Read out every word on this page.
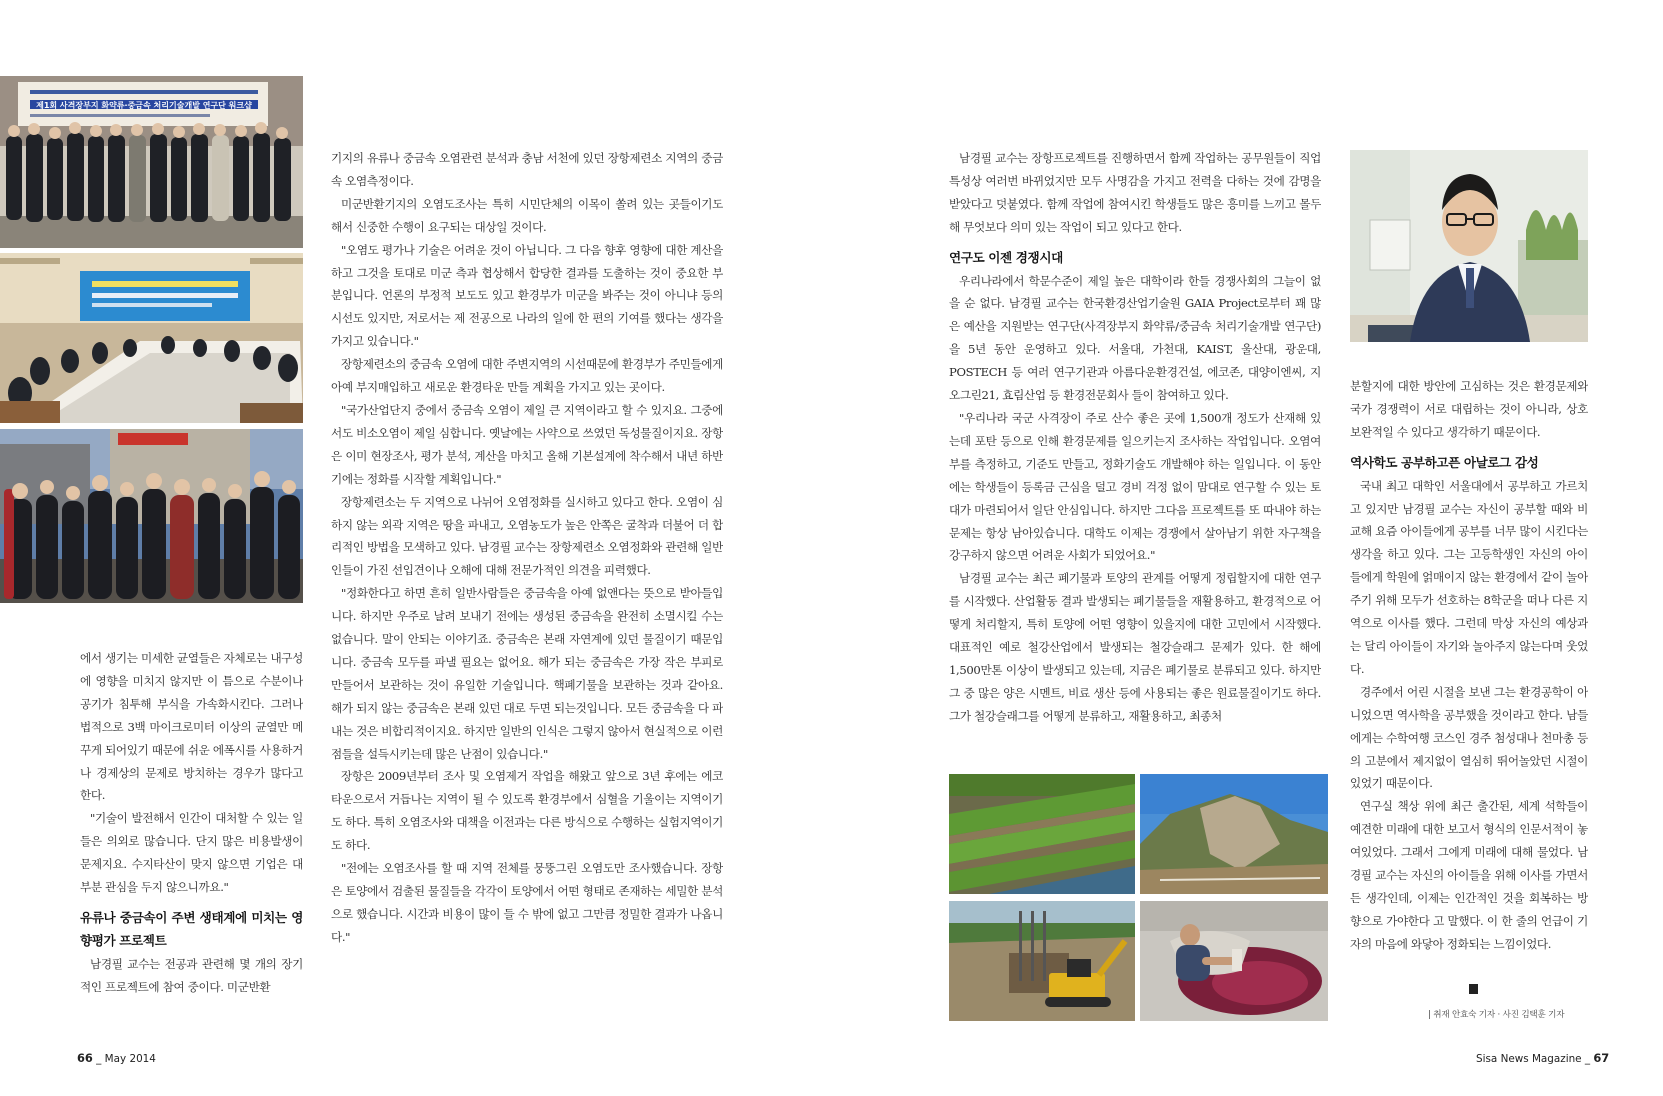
제1회 사격장부지 화약류·중금속 처리기술개발 연구단 워크샵

에서 생기는 미세한 균열들은 자체로는 내구성에 영향을 미치지 않지만 이 틈으로 수분이나 공기가 침투해 부식을 가속화시킨다. 그러나 법적으로 3백 마이크로미터 이상의 균열만 메꾸게 되어있기 때문에 쉬운 에폭시를 사용하거나 경제상의 문제로 방치하는 경우가 많다고 한다.

"기술이 발전해서 인간이 대처할 수 있는 일들은 의외로 많습니다. 단지 많은 비용발생이 문제지요. 수지타산이 맞지 않으면 기업은 대부분 관심을 두지 않으니까요."

유류나 중금속이 주변 생태계에 미치는 영향평가 프로젝트

남경필 교수는 전공과 관련해 몇 개의 장기적인 프로젝트에 참여 중이다. 미군반환

기지의 유류나 중금속 오염관련 분석과 충남 서천에 있던 장항제련소 지역의 중금속 오염측정이다.

미군반환기지의 오염도조사는 특히 시민단체의 이목이 쏠려 있는 곳들이기도 해서 신중한 수행이 요구되는 대상일 것이다.

"오염도 평가나 기술은 어려운 것이 아닙니다. 그 다음 향후 영향에 대한 계산을 하고 그것을 토대로 미군 측과 협상해서 합당한 결과를 도출하는 것이 중요한 부분입니다. 언론의 부정적 보도도 있고 환경부가 미군을 봐주는 것이 아니냐 등의 시선도 있지만, 저로서는 제 전공으로 나라의 일에 한 편의 기여를 했다는 생각을 가지고 있습니다."

장항제련소의 중금속 오염에 대한 주변지역의 시선때문에 환경부가 주민들에게 아예 부지매입하고 새로운 환경타운 만들 계획을 가지고 있는 곳이다.

"국가산업단지 중에서 중금속 오염이 제일 큰 지역이라고 할 수 있지요. 그중에서도 비소오염이 제일 심합니다. 옛날에는 사약으로 쓰였던 독성물질이지요. 장항은 이미 현장조사, 평가 분석, 계산을 마치고 올해 기본설계에 착수해서 내년 하반기에는 정화를 시작할 계획입니다."

장항제련소는 두 지역으로 나뉘어 오염정화를 실시하고 있다고 한다. 오염이 심하지 않는 외곽 지역은 땅을 파내고, 오염농도가 높은 안쪽은 굴착과 더불어 더 합리적인 방법을 모색하고 있다. 남경필 교수는 장항제련소 오염정화와 관련해 일반인들이 가진 선입견이나 오해에 대해 전문가적인 의견을 피력했다.

"정화한다고 하면 흔히 일반사람들은 중금속을 아예 없앤다는 뜻으로 받아들입니다. 하지만 우주로 날려 보내기 전에는 생성된 중금속을 완전히 소멸시킬 수는 없습니다. 말이 안되는 이야기죠. 중금속은 본래 자연계에 있던 물질이기 때문입니다. 중금속 모두를 파낼 필요는 없어요. 해가 되는 중금속은 가장 작은 부피로 만들어서 보관하는 것이 유일한 기술입니다. 핵폐기물을 보관하는 것과 같아요. 해가 되지 않는 중금속은 본래 있던 대로 두면 되는것입니다. 모든 중금속을 다 파내는 것은 비합리적이지요. 하지만 일반의 인식은 그렇지 않아서 현실적으로 이런 점들을 설득시키는데 많은 난점이 있습니다."

장항은 2009년부터 조사 및 오염제거 작업을 해왔고 앞으로 3년 후에는 에코타운으로서 거듭나는 지역이 될 수 있도록 환경부에서 심혈을 기울이는 지역이기도 하다. 특히 오염조사와 대책을 이전과는 다른 방식으로 수행하는 실험지역이기도 하다.

"전에는 오염조사를 할 때 지역 전체를 뭉뚱그린 오염도만 조사했습니다. 장항은 토양에서 검출된 물질들을 각각이 토양에서 어떤 형태로 존재하는 세밀한 분석으로 했습니다. 시간과 비용이 많이 들 수 밖에 없고 그만큼 정밀한 결과가 나옵니다."

66 _ May 2014

남경필 교수는 장항프로젝트를 진행하면서 함께 작업하는 공무원들이 직업 특성상 여러번 바뀌었지만 모두 사명감을 가지고 전력을 다하는 것에 감명을 받았다고 덧붙였다. 함께 작업에 참여시킨 학생들도 많은 흥미를 느끼고 몰두해 무엇보다 의미 있는 작업이 되고 있다고 한다.

연구도 이젠 경쟁시대

우리나라에서 학문수준이 제일 높은 대학이라 한들 경쟁사회의 그늘이 없을 순 없다. 남경필 교수는 한국환경산업기술원 GAIA Project로부터 꽤 많은 예산을 지원받는 연구단(사격장부지 화약류/중금속 처리기술개발 연구단)을 5년 동안 운영하고 있다. 서울대, 가천대, KAIST, 울산대, 광운대, POSTECH 등 여러 연구기관과 아름다운환경건설, 에코존, 대양이엔씨, 지오그린21, 효림산업 등 환경전문회사 들이 참여하고 있다.

"우리나라 국군 사격장이 주로 산수 좋은 곳에 1,500개 정도가 산재해 있는데 포탄 등으로 인해 환경문제를 일으키는지 조사하는 작업입니다. 오염여부를 측정하고, 기준도 만들고, 정화기술도 개발해야 하는 일입니다. 이 동안에는 학생들이 등록금 근심을 덜고 경비 걱정 없이 맘대로 연구할 수 있는 토대가 마련되어서 일단 안심입니다. 하지만 그다음 프로젝트를 또 따내야 하는 문제는 항상 남아있습니다. 대학도 이제는 경쟁에서 살아남기 위한 자구책을 강구하지 않으면 어려운 사회가 되었어요."

남경필 교수는 최근 폐기물과 토양의 관계를 어떻게 정립할지에 대한 연구를 시작했다. 산업활동 결과 발생되는 폐기물들을 재활용하고, 환경적으로 어떻게 처리할지, 특히 토양에 어떤 영향이 있을지에 대한 고민에서 시작했다. 대표적인 예로 철강산업에서 발생되는 철강슬래그 문제가 있다. 한 해에1,500만톤 이상이 발생되고 있는데, 지금은 폐기물로 분류되고 있다. 하지만 그 중 많은 양은 시멘트, 비료 생산 등에 사용되는 좋은 원료물질이기도 하다. 그가 철강슬래그를 어떻게 분류하고, 재활용하고, 최종처

분할지에 대한 방안에 고심하는 것은 환경문제와 국가 경쟁력이 서로 대립하는 것이 아니라, 상호 보완적일 수 있다고 생각하기 때문이다.

역사학도 공부하고픈 아날로그 감성

국내 최고 대학인 서울대에서 공부하고 가르치고 있지만 남경필 교수는 자신이 공부할 때와 비교해 요즘 아이들에게 공부를 너무 많이 시킨다는 생각을 하고 있다. 그는 고등학생인 자신의 아이들에게 학원에 얽매이지 않는 환경에서 같이 놀아 주기 위해 모두가 선호하는 8학군을 떠나 다른 지역으로 이사를 했다. 그런데 막상 자신의 예상과는 달리 아이들이 자기와 놀아주지 않는다며 웃었다.

경주에서 어린 시절을 보낸 그는 환경공학이 아니었으면 역사학을 공부했을 것이라고 한다. 남들에게는 수학여행 코스인 경주 첨성대나 천마총 등의 고분에서 제지없이 열심히 뛰어놀았던 시절이 있었기 때문이다.

연구실 책상 위에 최근 출간된, 세계 석학들이 예견한 미래에 대한 보고서 형식의 인문서적이 놓여있었다. 그래서 그에게 미래에 대해 물었다. 남경필 교수는 자신의 아이들을 위해 이사를 가면서 든 생각인데, 이제는 인간적인 것을 회복하는 방향으로 가야한다 고 말했다. 이 한 줄의 언급이 기자의 마음에 와닿아 정화되는 느낌이었다.

| 취재 안효숙 기자 · 사진 김택훈 기자
Sisa News Magazine _ 67
